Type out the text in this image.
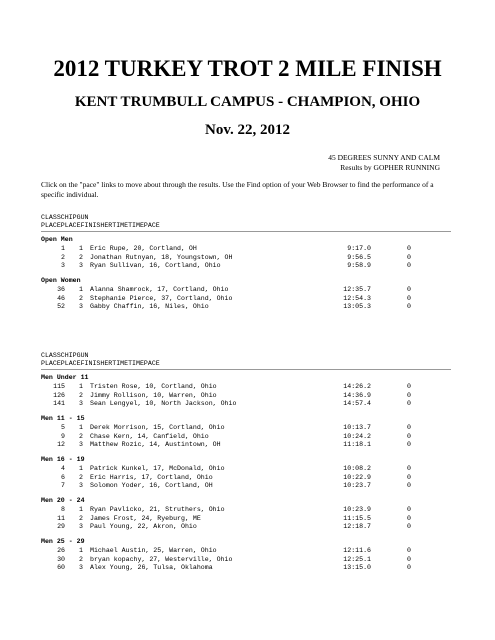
2012 TURKEY TROT 2 MILE FINISH
KENT TRUMBULL CAMPUS - CHAMPION, OHIO
Nov. 22, 2012
45 DEGREES SUNNY AND CALM
Results by GOPHER RUNNING
Click on the "pace" links to move about through the results. Use the Find option of your Web Browser to find the performance of a specific individual.
CLASSCHIPGUN
PLACEPLACEFINISHERTIMETIMEPACE
Open Men
1	1 Eric Rupe, 20, Cortland, OH	9:17.0	0
2	2 Jonathan Rutnyan, 18, Youngstown, OH	9:56.5	0
3	3 Ryan Sullivan, 16, Cortland, Ohio	9:58.9	0
Open Women
36	1 Alanna Shamrock, 17, Cortland, Ohio	12:35.7	0
46	2 Stephanie Pierce, 37, Cortland, Ohio	12:54.3	0
52	3 Gabby Chaffin, 16, Niles, Ohio	13:05.3	0
CLASSCHIPGUN
PLACEPLACEFINISHERTIMETIMEPACE
Men Under 11
115	1 Tristen Rose, 10, Cortland, Ohio	14:26.2	0
126	2 Jimmy Rollison, 10, Warren, Ohio	14:36.9	0
141	3 Sean Lengyel, 10, North Jackson, Ohio	14:57.4	0
Men 11 - 15
5	1 Derek Morrison, 15, Cortland, Ohio	10:13.7	0
9	2 Chase Kern, 14, Canfield, Ohio	10:24.2	0
12	3 Matthew Rozic, 14, Austintown, OH	11:18.1	0
Men 16 - 19
4	1 Patrick Kunkel, 17, McDonald, Ohio	10:08.2	0
6	2 Eric Harris, 17, Cortland, Ohio	10:22.9	0
7	3 Solomon Yoder, 16, Cortland, OH	10:23.7	0
Men 20 - 24
8	1 Ryan Pavlicko, 21, Struthers, Ohio	10:23.9	0
11	2 James Frost, 24, Ryeburg, ME	11:15.5	0
29	3 Paul Young, 22, Akron, Ohio	12:18.7	0
Men 25 - 29
26	1 Michael Austin, 25, Warren, Ohio	12:11.6	0
30	2 bryan kopachy, 27, Westerville, Ohio	12:25.1	0
60	3 Alex Young, 26, Tulsa, Oklahoma	13:15.0	0
